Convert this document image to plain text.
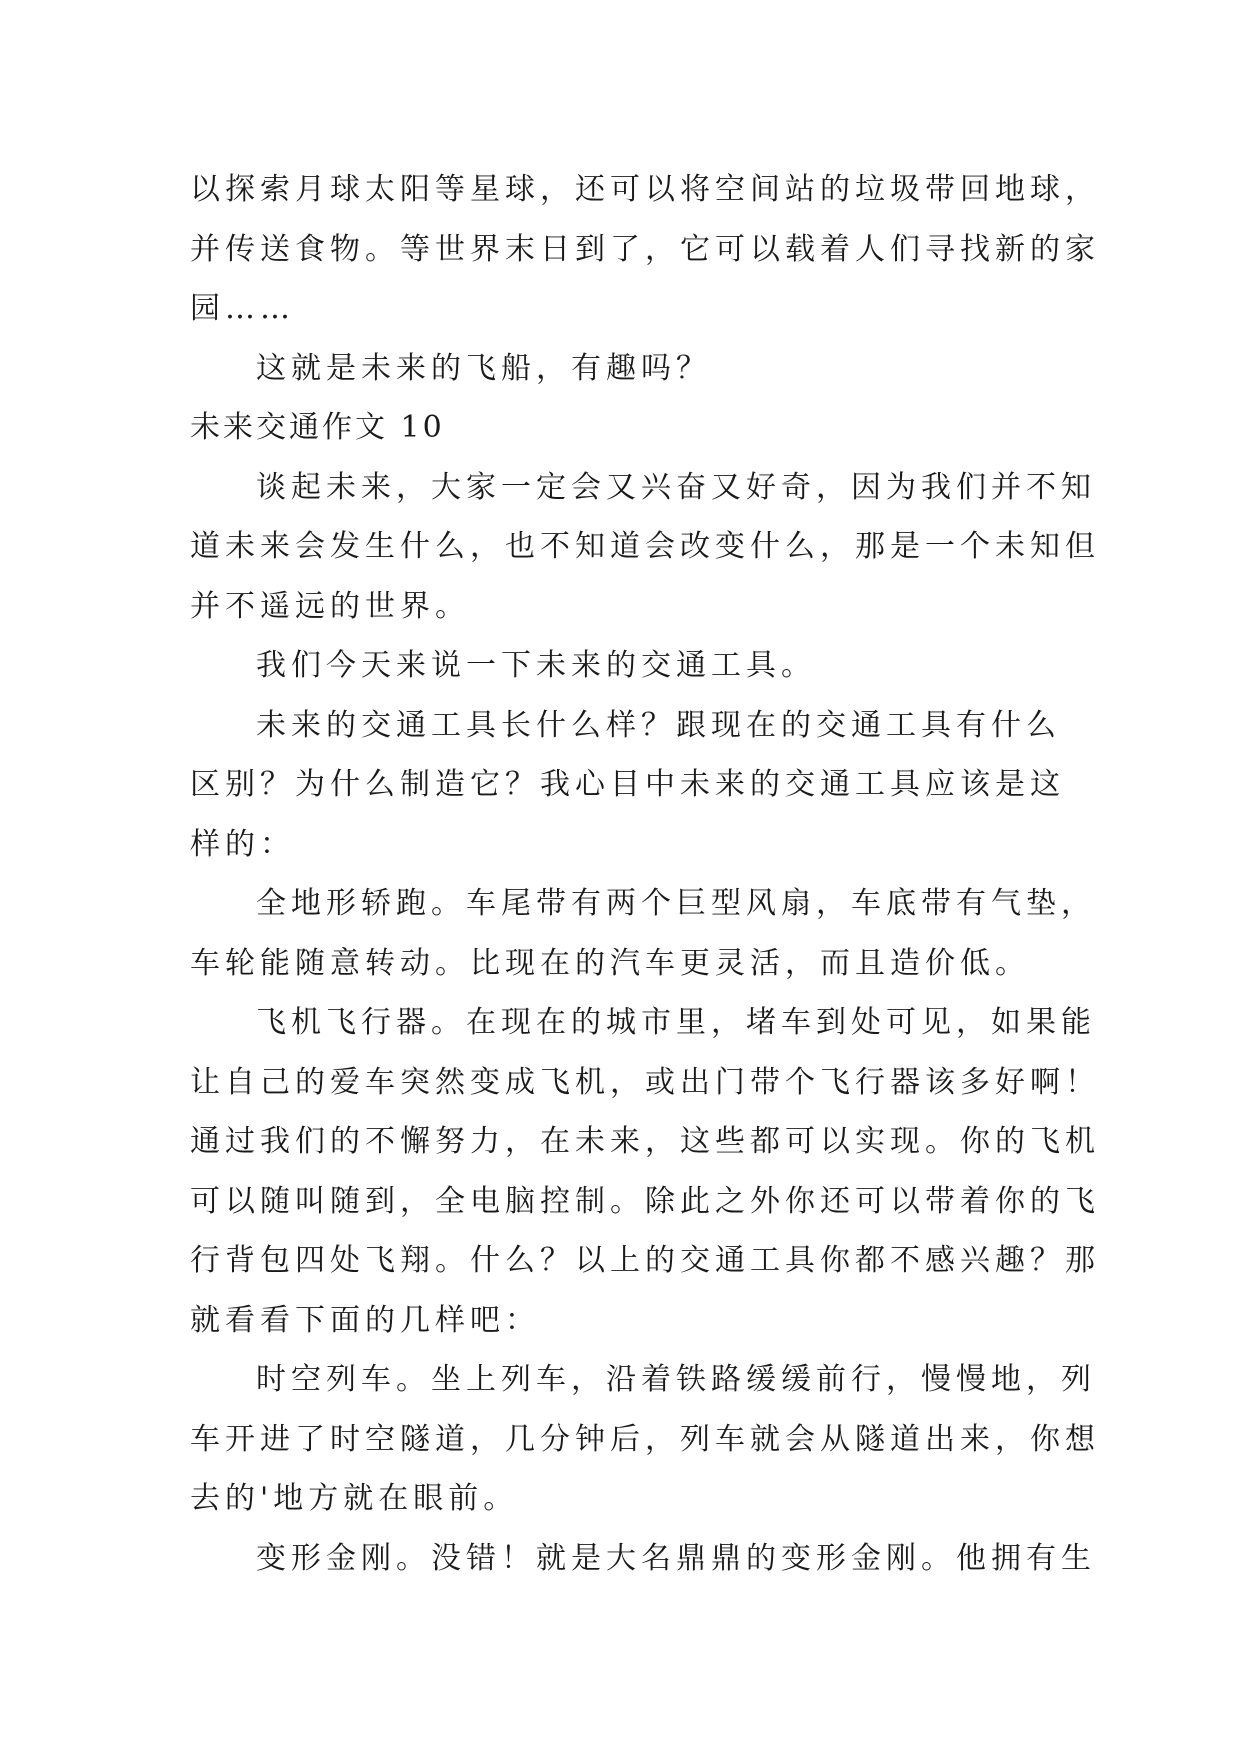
以探索月球太阳等星球，还可以将空间站的垃圾带回地球，
并传送食物。等世界末日到了，它可以载着人们寻找新的家
园……
这就是未来的飞船，有趣吗？
未来交通作文 10
谈起未来，大家一定会又兴奋又好奇，因为我们并不知
道未来会发生什么，也不知道会改变什么，那是一个未知但
并不遥远的世界。
我们今天来说一下未来的交通工具。
未来的交通工具长什么样？跟现在的交通工具有什么
区别？为什么制造它？我心目中未来的交通工具应该是这
样的：
全地形轿跑。车尾带有两个巨型风扇，车底带有气垫，
车轮能随意转动。比现在的汽车更灵活，而且造价低。
飞机飞行器。在现在的城市里，堵车到处可见，如果能
让自己的爱车突然变成飞机，或出门带个飞行器该多好啊！
通过我们的不懈努力，在未来，这些都可以实现。你的飞机
可以随叫随到，全电脑控制。除此之外你还可以带着你的飞
行背包四处飞翔。什么？以上的交通工具你都不感兴趣？那
就看看下面的几样吧：
时空列车。坐上列车，沿着铁路缓缓前行，慢慢地，列
车开进了时空隧道，几分钟后，列车就会从隧道出来，你想
去的'地方就在眼前。
变形金刚。没错！就是大名鼎鼎的变形金刚。他拥有生
